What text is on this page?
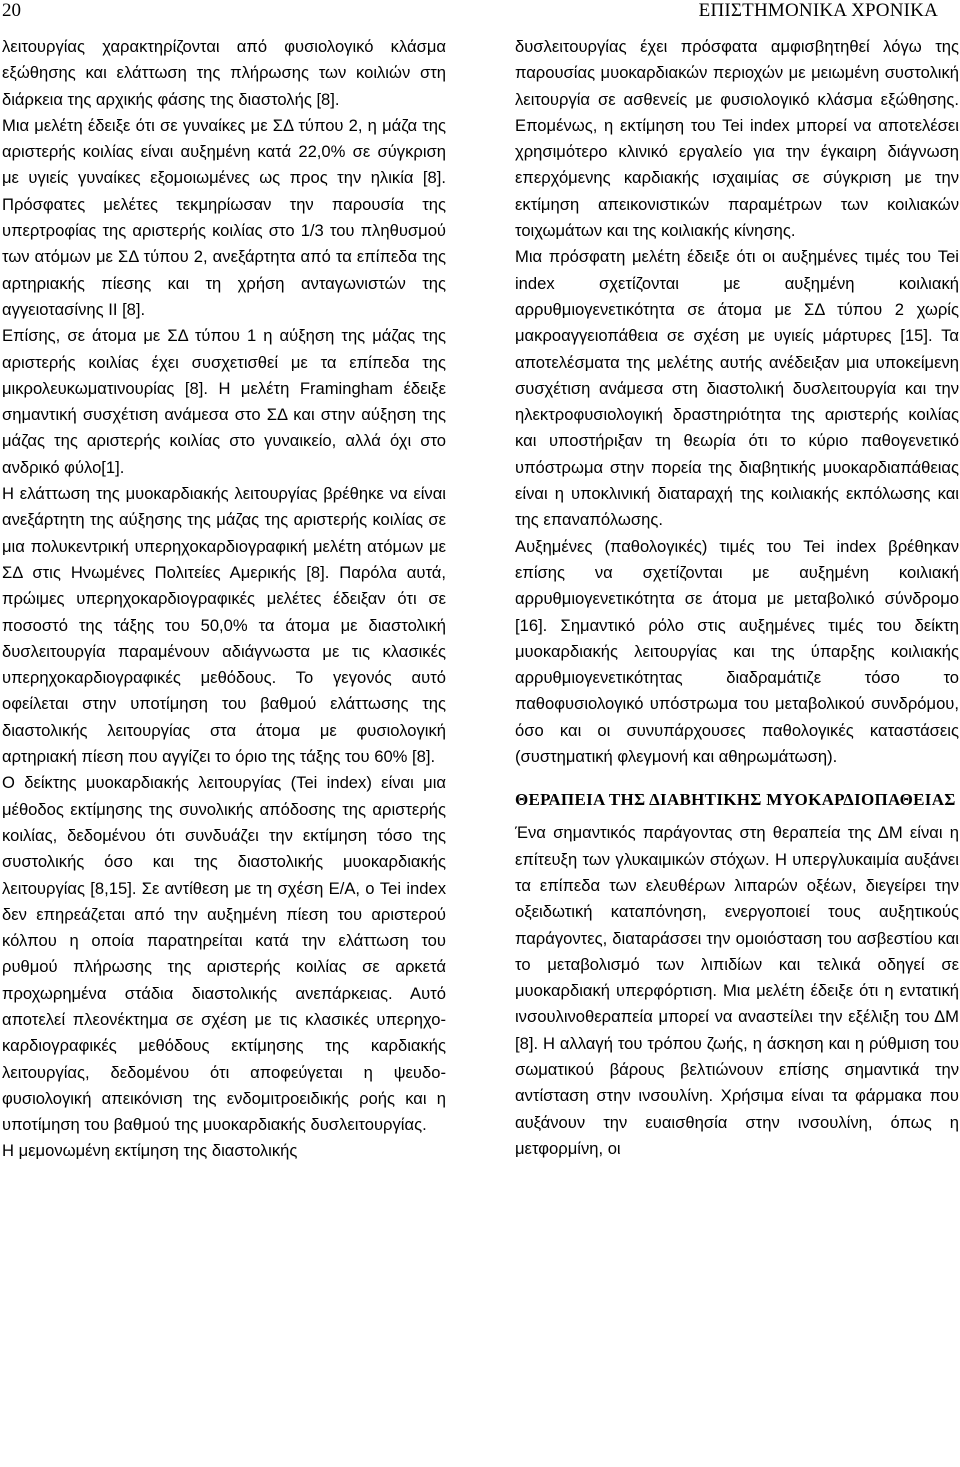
20	ΕΠΙΣΤΗΜΟΝΙΚΑ ΧΡΟΝΙΚΑ

λειτουργίας χαρακτηρίζονται από φυσιολογικό κλάσμα εξώθησης και ελάττωση της πλήρωσης των κοιλιών στη διάρκεια της αρχικής φάσης της διαστολής [8].

Μια μελέτη έδειξε ότι σε γυναίκες με ΣΔ τύπου 2, η μάζα της αριστερής κοιλίας είναι αυξημένη κατά 22,0% σε σύγκριση με υγιείς γυναίκες εξομοιωμένες ως προς την ηλικία [8]. Πρόσφατες μελέτες τεκμηρίωσαν την παρουσία της υπερτροφίας της αριστερής κοιλίας στο 1/3 του πληθυσμού των ατόμων με ΣΔ τύπου 2, ανεξάρτητα από τα επίπεδα της αρτηριακής πίεσης και τη χρήση ανταγωνιστών της αγγειοτασίνης II [8].

Επίσης, σε άτομα με ΣΔ τύπου 1 η αύξηση της μάζας της αριστερής κοιλίας έχει συσχετισθεί με τα επίπεδα της μικρολευκωματινουρίας [8]. Η μελέτη Framingham έδειξε σημαντική συσχέτιση ανάμεσα στο ΣΔ και στην αύξηση της μάζας της αριστερής κοιλίας στο γυναικείο, αλλά όχι στο ανδρικό φύλο[1].

Η ελάττωση της μυοκαρδιακής λειτουργίας βρέθηκε να είναι ανεξάρτητη της αύξησης της μάζας της αριστερής κοιλίας σε μια πολυκεντρική υπερηχοκαρδιογραφική μελέτη ατόμων με ΣΔ στις Ηνωμένες Πολιτείες Αμερικής [8]. Παρόλα αυτά, πρώιμες υπερηχοκαρδιογραφικές μελέτες έδειξαν ότι σε ποσοστό της τάξης του 50,0% τα άτομα με διαστολική δυσλειτουργία παραμένουν αδιάγνωστα με τις κλασικές υπερηχοκαρδιογραφικές μεθόδους. Το γεγονός αυτό οφείλεται στην υποτίμηση του βαθμού ελάττωσης της διαστολικής λειτουργίας στα άτομα με φυσιολογική αρτηριακή πίεση που αγγίζει το όριο της τάξης του 60% [8].

Ο δείκτης μυοκαρδιακής λειτουργίας (Tei index) είναι μια μέθοδος εκτίμησης της συνολικής απόδοσης της αριστερής κοιλίας, δεδομένου ότι συνδυάζει την εκτίμηση τόσο της συστολικής όσο και της διαστολικής μυοκαρδιακής λειτουργίας [8,15]. Σε αντίθεση με τη σχέση Ε/Α, ο Tei index δεν επηρεάζεται από την αυξημένη πίεση του αριστερού κόλπου η οποία παρατηρείται κατά την ελάττωση του ρυθμού πλήρωσης της αριστερής κοιλίας σε αρκετά προχωρημένα στάδια διαστολικής ανεπάρκειας. Αυτό αποτελεί πλεονέκτημα σε σχέση με τις κλασικές υπερηχοκαρδιογραφικές μεθόδους εκτίμησης της καρδιακής λειτουργίας, δεδομένου ότι αποφεύγεται η ψευδο-φυσιολογική απεικόνιση της ενδομιτροειδικής ροής και η υποτίμηση του βαθμού της μυοκαρδιακής δυσλειτουργίας.

Η μεμονωμένη εκτίμηση της διαστολικής

δυσλειτουργίας έχει πρόσφατα αμφισβητηθεί λόγω της παρουσίας μυοκαρδιακών περιοχών με μειωμένη συστολική λειτουργία σε ασθενείς με φυσιολογικό κλάσμα εξώθησης. Επομένως, η εκτίμηση του Tei index μπορεί να αποτελέσει χρησιμότερο κλινικό εργαλείο για την έγκαιρη διάγνωση επερχόμενης καρδιακής ισχαιμίας σε σύγκριση με την εκτίμηση απεικονιστικών παραμέτρων των κοιλιακών τοιχωμάτων και της κοιλιακής κίνησης.

Μια πρόσφατη μελέτη έδειξε ότι οι αυξημένες τιμές του Tei index σχετίζονται με αυξημένη κοιλιακή αρρυθμιογενετικότητα σε άτομα με ΣΔ τύπου 2 χωρίς μακροαγγειοπάθεια σε σχέση με υγιείς μάρτυρες [15]. Τα αποτελέσματα της μελέτης αυτής ανέδειξαν μια υποκείμενη συσχέτιση ανάμεσα στη διαστολική δυσλειτουργία και την ηλεκτροφυσιολογική δραστηριότητα της αριστερής κοιλίας και υποστήριξαν τη θεωρία ότι το κύριο παθογενετικό υπόστρωμα στην πορεία της διαβητικής μυοκαρδιαπάθειας είναι η υποκλινική διαταραχή της κοιλιακής εκπόλωσης και της επαναπόλωσης.

Αυξημένες (παθολογικές) τιμές του Tei index βρέθηκαν επίσης να σχετίζονται με αυξημένη κοιλιακή αρρυθμιογενετικότητα σε άτομα με μεταβολικό σύνδρομο [16]. Σημαντικό ρόλο στις αυξημένες τιμές του δείκτη μυοκαρδιακής λειτουργίας και της ύπαρξης κοιλιακής αρρυθμιογενετικότητας διαδραμάτιζε τόσο το παθοφυσιολογικό υπόστρωμα του μεταβολικού συνδρόμου, όσο και οι συνυπάρχουσες παθολογικές καταστάσεις (συστηματική φλεγμονή και αθηρωμάτωση).

ΘΕΡΑΠΕΙΑ ΤΗΣ ΔΙΑΒΗΤΙΚΗΣ ΜΥΟΚΑΡΔΙΟΠΑΘΕΙΑΣ

Ένα σημαντικός παράγοντας στη θεραπεία της ΔΜ είναι η επίτευξη των γλυκαιμικών στόχων. Η υπεργλυκαιμία αυξάνει τα επίπεδα των ελευθέρων λιπαρών οξέων, διεγείρει την οξειδωτική καταπόνηση, ενεργοποιεί τους αυξητικούς παράγοντες, διαταράσσει την ομοιόσταση του ασβεστίου και το μεταβολισμό των λιπιδίων και τελικά οδηγεί σε μυοκαρδιακή υπερφόρτιση. Μια μελέτη έδειξε ότι η εντατική ινσουλινοθεραπεία μπορεί να αναστείλει την εξέλιξη του ΔΜ [8]. Η αλλαγή του τρόπου ζωής, η άσκηση και η ρύθμιση του σωματικού βάρους βελτιώνουν επίσης σημαντικά την αντίσταση στην ινσουλίνη. Χρήσιμα είναι τα φάρμακα που αυξάνουν την ευαισθησία στην ινσουλίνη, όπως η μετφορμίνη, οι
